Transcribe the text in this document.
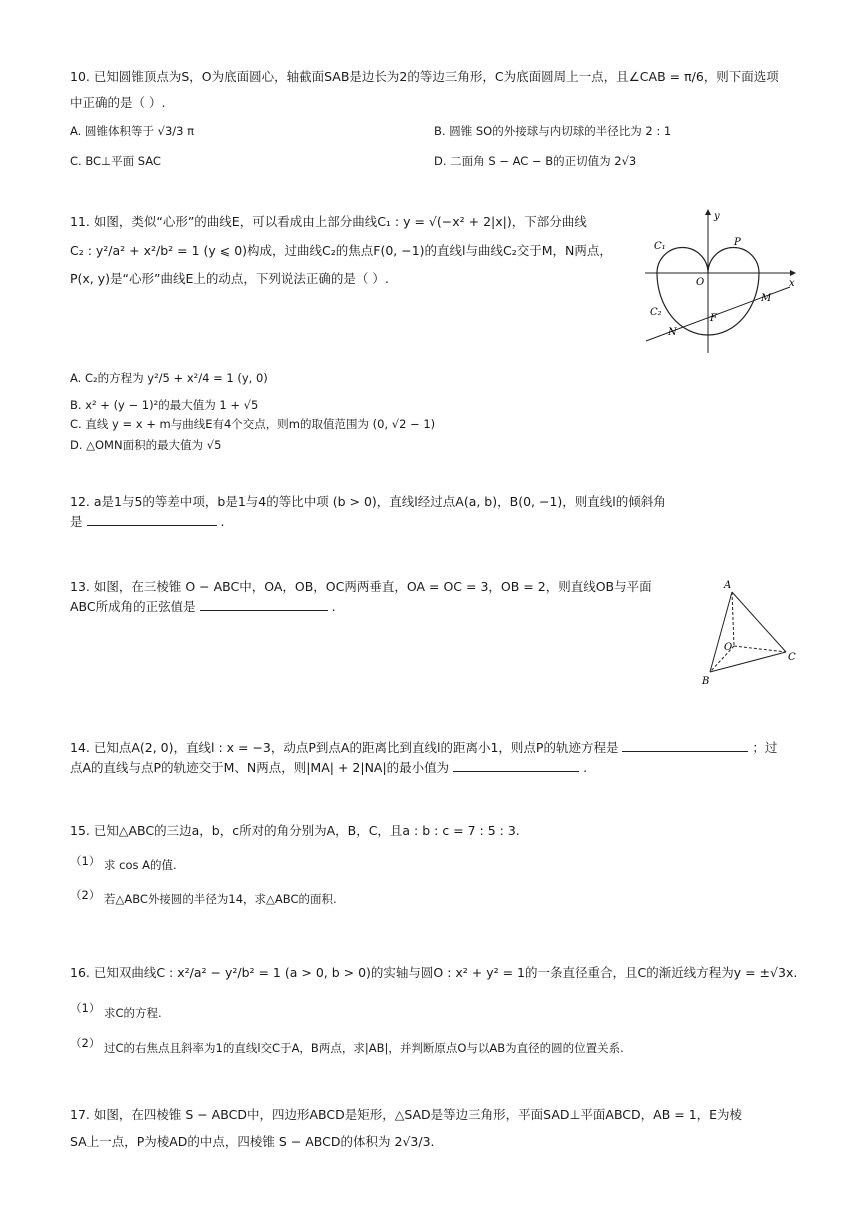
10. 已知圆锥顶点为S，O为底面圆心，轴截面SAB是边长为2的等边三角形，C为底面圆周上一点，且∠CAB = π/6，则下面选项
中正确的是（ ）.
A. 圆锥体积等于 √3/3 π	B. 圆锥 SO的外接球与内切球的半径比为 2 : 1
C. BC⊥平面 SAC	D. 二面角 S − AC − B的正切值为 2√3
11. 如图，类似“心形”的曲线E，可以看成由上部分曲线C₁ : y = √(−x² + 2|x|)，下部分曲线
C₂ : y²/a² + x²/b² = 1 (y ⩽ 0)构成，过曲线C₂的焦点F(0, −1)的直线l与曲线C₂交于M，N两点，
P(x, y)是“心形”曲线E上的动点，下列说法正确的是（ ）.
y
x
O
C₁	P
C₂
M
F
N
A. C₂的方程为 y²/5 + x²/4 = 1 (y, 0)
B. x² + (y − 1)²的最大值为 1 + √5
C. 直线 y = x + m与曲线E有4个交点，则m的取值范围为 (0, √2 − 1)
D. △OMN面积的最大值为 √5
12. a是1与5的等差中项，b是1与4的等比中项 (b > 0)，直线l经过点A(a, b)，B(0, −1)，则直线l的倾斜角
是	.
13. 如图，在三棱锥 O − ABC中，OA，OB，OC两两垂直，OA = OC = 3，OB = 2，则直线OB与平面
ABC所成角的正弦值是	.
A
O
C
B
14. 已知点A(2, 0)，直线l : x = −3，动点P到点A的距离比到直线l的距离小1，则点P的轨迹方程是	；过
点A的直线与点P的轨迹交于M、N两点，则|MA| + 2|NA|的最小值为	.
15. 已知△ABC的三边a，b，c所对的角分别为A，B，C，且a : b : c = 7 : 5 : 3.
（1） 求 cos A的值.
（2） 若△ABC外接圆的半径为14，求△ABC的面积.
16. 已知双曲线C : x²/a² − y²/b² = 1 (a > 0, b > 0)的实轴与圆O : x² + y² = 1的一条直径重合，且C的渐近线方程为y = ±√3x.
（1） 求C的方程.
（2） 过C的右焦点且斜率为1的直线l交C于A，B两点，求|AB|，并判断原点O与以AB为直径的圆的位置关系.
17. 如图，在四棱锥 S − ABCD中，四边形ABCD是矩形，△SAD是等边三角形，平面SAD⊥平面ABCD，AB = 1，E为棱
SA上一点，P为棱AD的中点，四棱锥 S − ABCD的体积为 2√3/3.
